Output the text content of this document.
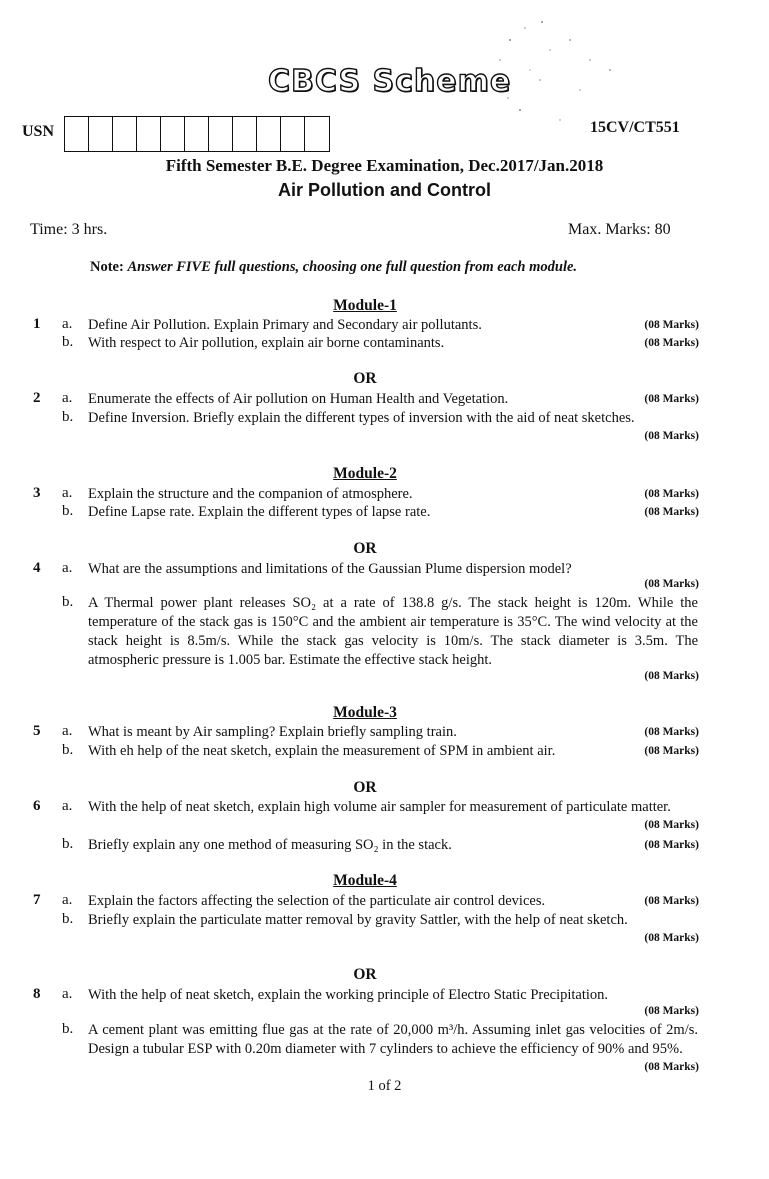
CBCS Scheme
USN	15CV/CT551
Fifth Semester B.E. Degree Examination, Dec.2017/Jan.2018
Air Pollution and Control
Time: 3 hrs.	Max. Marks: 80
Note: Answer FIVE full questions, choosing one full question from each module.
Module-1
1 a. Define Air Pollution. Explain Primary and Secondary air pollutants.	(08 Marks)
b. With respect to Air pollution, explain air borne contaminants.	(08 Marks)
OR
2 a. Enumerate the effects of Air pollution on Human Health and Vegetation.	(08 Marks)
b. Define Inversion. Briefly explain the different types of inversion with the aid of neat sketches.
(08 Marks)
Module-2
3 a. Explain the structure and the companion of atmosphere.	(08 Marks)
b. Define Lapse rate. Explain the different types of lapse rate.	(08 Marks)
OR
4 a. What are the assumptions and limitations of the Gaussian Plume dispersion model?
(08 Marks)
b. A Thermal power plant releases SO₂ at a rate of 138.8 g/s. The stack height is 120m. While the temperature of the stack gas is 150°C and the ambient air temperature is 35°C. The wind velocity at the stack height is 8.5m/s. While the stack gas velocity is 10m/s. The stack diameter is 3.5m. The atmospheric pressure is 1.005 bar. Estimate the effective stack height.
(08 Marks)
Module-3
5 a. What is meant by Air sampling? Explain briefly sampling train.	(08 Marks)
b. With eh help of the neat sketch, explain the measurement of SPM in ambient air.	(08 Marks)
OR
6 a. With the help of neat sketch, explain high volume air sampler for measurement of particulate matter.
(08 Marks)
b. Briefly explain any one method of measuring SO₂ in the stack.	(08 Marks)
Module-4
7 a. Explain the factors affecting the selection of the particulate air control devices.	(08 Marks)
b. Briefly explain the particulate matter removal by gravity Sattler, with the help of neat sketch.
(08 Marks)
OR
8 a. With the help of neat sketch, explain the working principle of Electro Static Precipitation.
(08 Marks)
b. A cement plant was emitting flue gas at the rate of 20,000 m³/h. Assuming inlet gas velocities of 2m/s. Design a tubular ESP with 0.20m diameter with 7 cylinders to achieve the efficiency of 90% and 95%.
(08 Marks)
1 of 2
